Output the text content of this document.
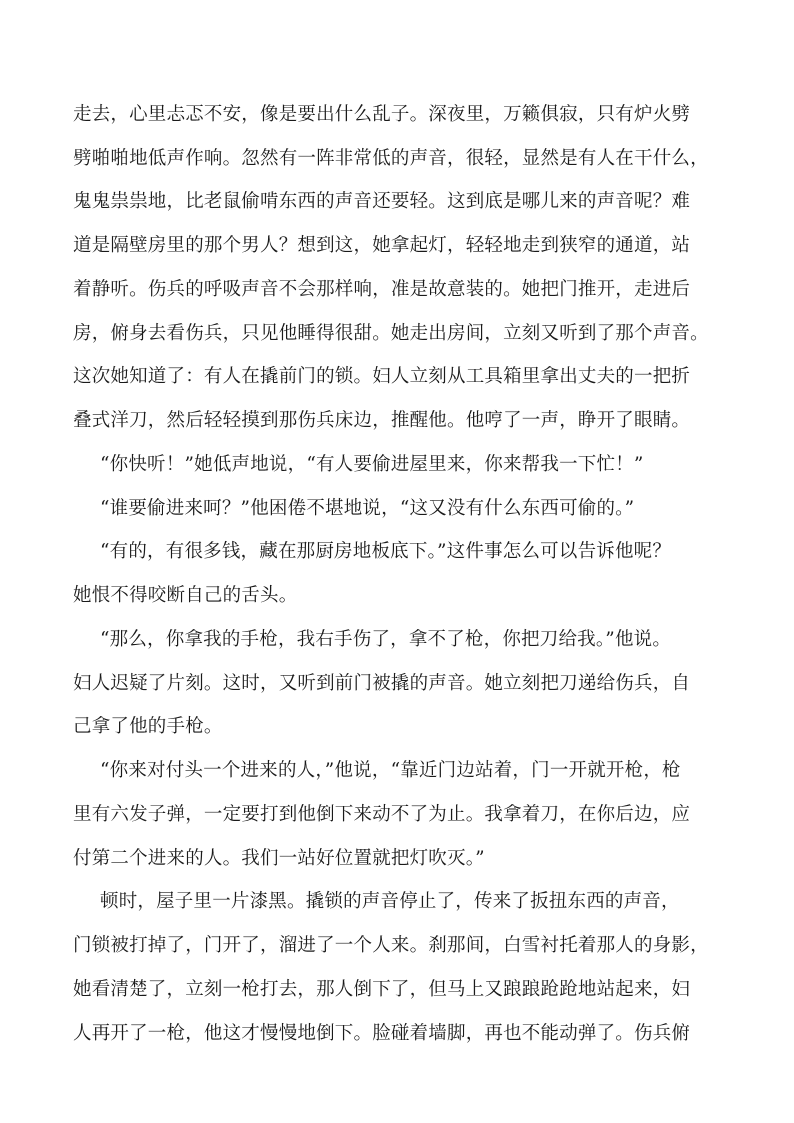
走去，心里忐忑不安，像是要出什么乱子。深夜里，万籁俱寂，只有炉火劈
劈啪啪地低声作响。忽然有一阵非常低的声音，很轻，显然是有人在干什么，
鬼鬼祟祟地，比老鼠偷啃东西的声音还要轻。这到底是哪儿来的声音呢？难
道是隔壁房里的那个男人？想到这，她拿起灯，轻轻地走到狭窄的通道，站
着静听。伤兵的呼吸声音不会那样响，准是故意装的。她把门推开，走进后
房，俯身去看伤兵，只见他睡得很甜。她走出房间，立刻又听到了那个声音。
这次她知道了：有人在撬前门的锁。妇人立刻从工具箱里拿出丈夫的一把折
叠式洋刀，然后轻轻摸到那伤兵床边，推醒他。他哼了一声，睁开了眼睛。
“你快听！”她低声地说，“有人要偷进屋里来，你来帮我一下忙！”
“谁要偷进来呵？”他困倦不堪地说，“这又没有什么东西可偷的。”
“有的，有很多钱，藏在那厨房地板底下。”这件事怎么可以告诉他呢？
她恨不得咬断自己的舌头。
“那么，你拿我的手枪，我右手伤了，拿不了枪，你把刀给我。”他说。
妇人迟疑了片刻。这时，又听到前门被撬的声音。她立刻把刀递给伤兵，自
己拿了他的手枪。
“你来对付头一个进来的人，”他说，“靠近门边站着，门一开就开枪，枪
里有六发子弹，一定要打到他倒下来动不了为止。我拿着刀，在你后边，应
付第二个进来的人。我们一站好位置就把灯吹灭。”
顿时，屋子里一片漆黑。撬锁的声音停止了，传来了扳扭东西的声音，
门锁被打掉了，门开了，溜进了一个人来。刹那间，白雪衬托着那人的身影，
她看清楚了，立刻一枪打去，那人倒下了，但马上又踉踉跄跄地站起来，妇
人再开了一枪，他这才慢慢地倒下。脸碰着墙脚，再也不能动弹了。伤兵俯
